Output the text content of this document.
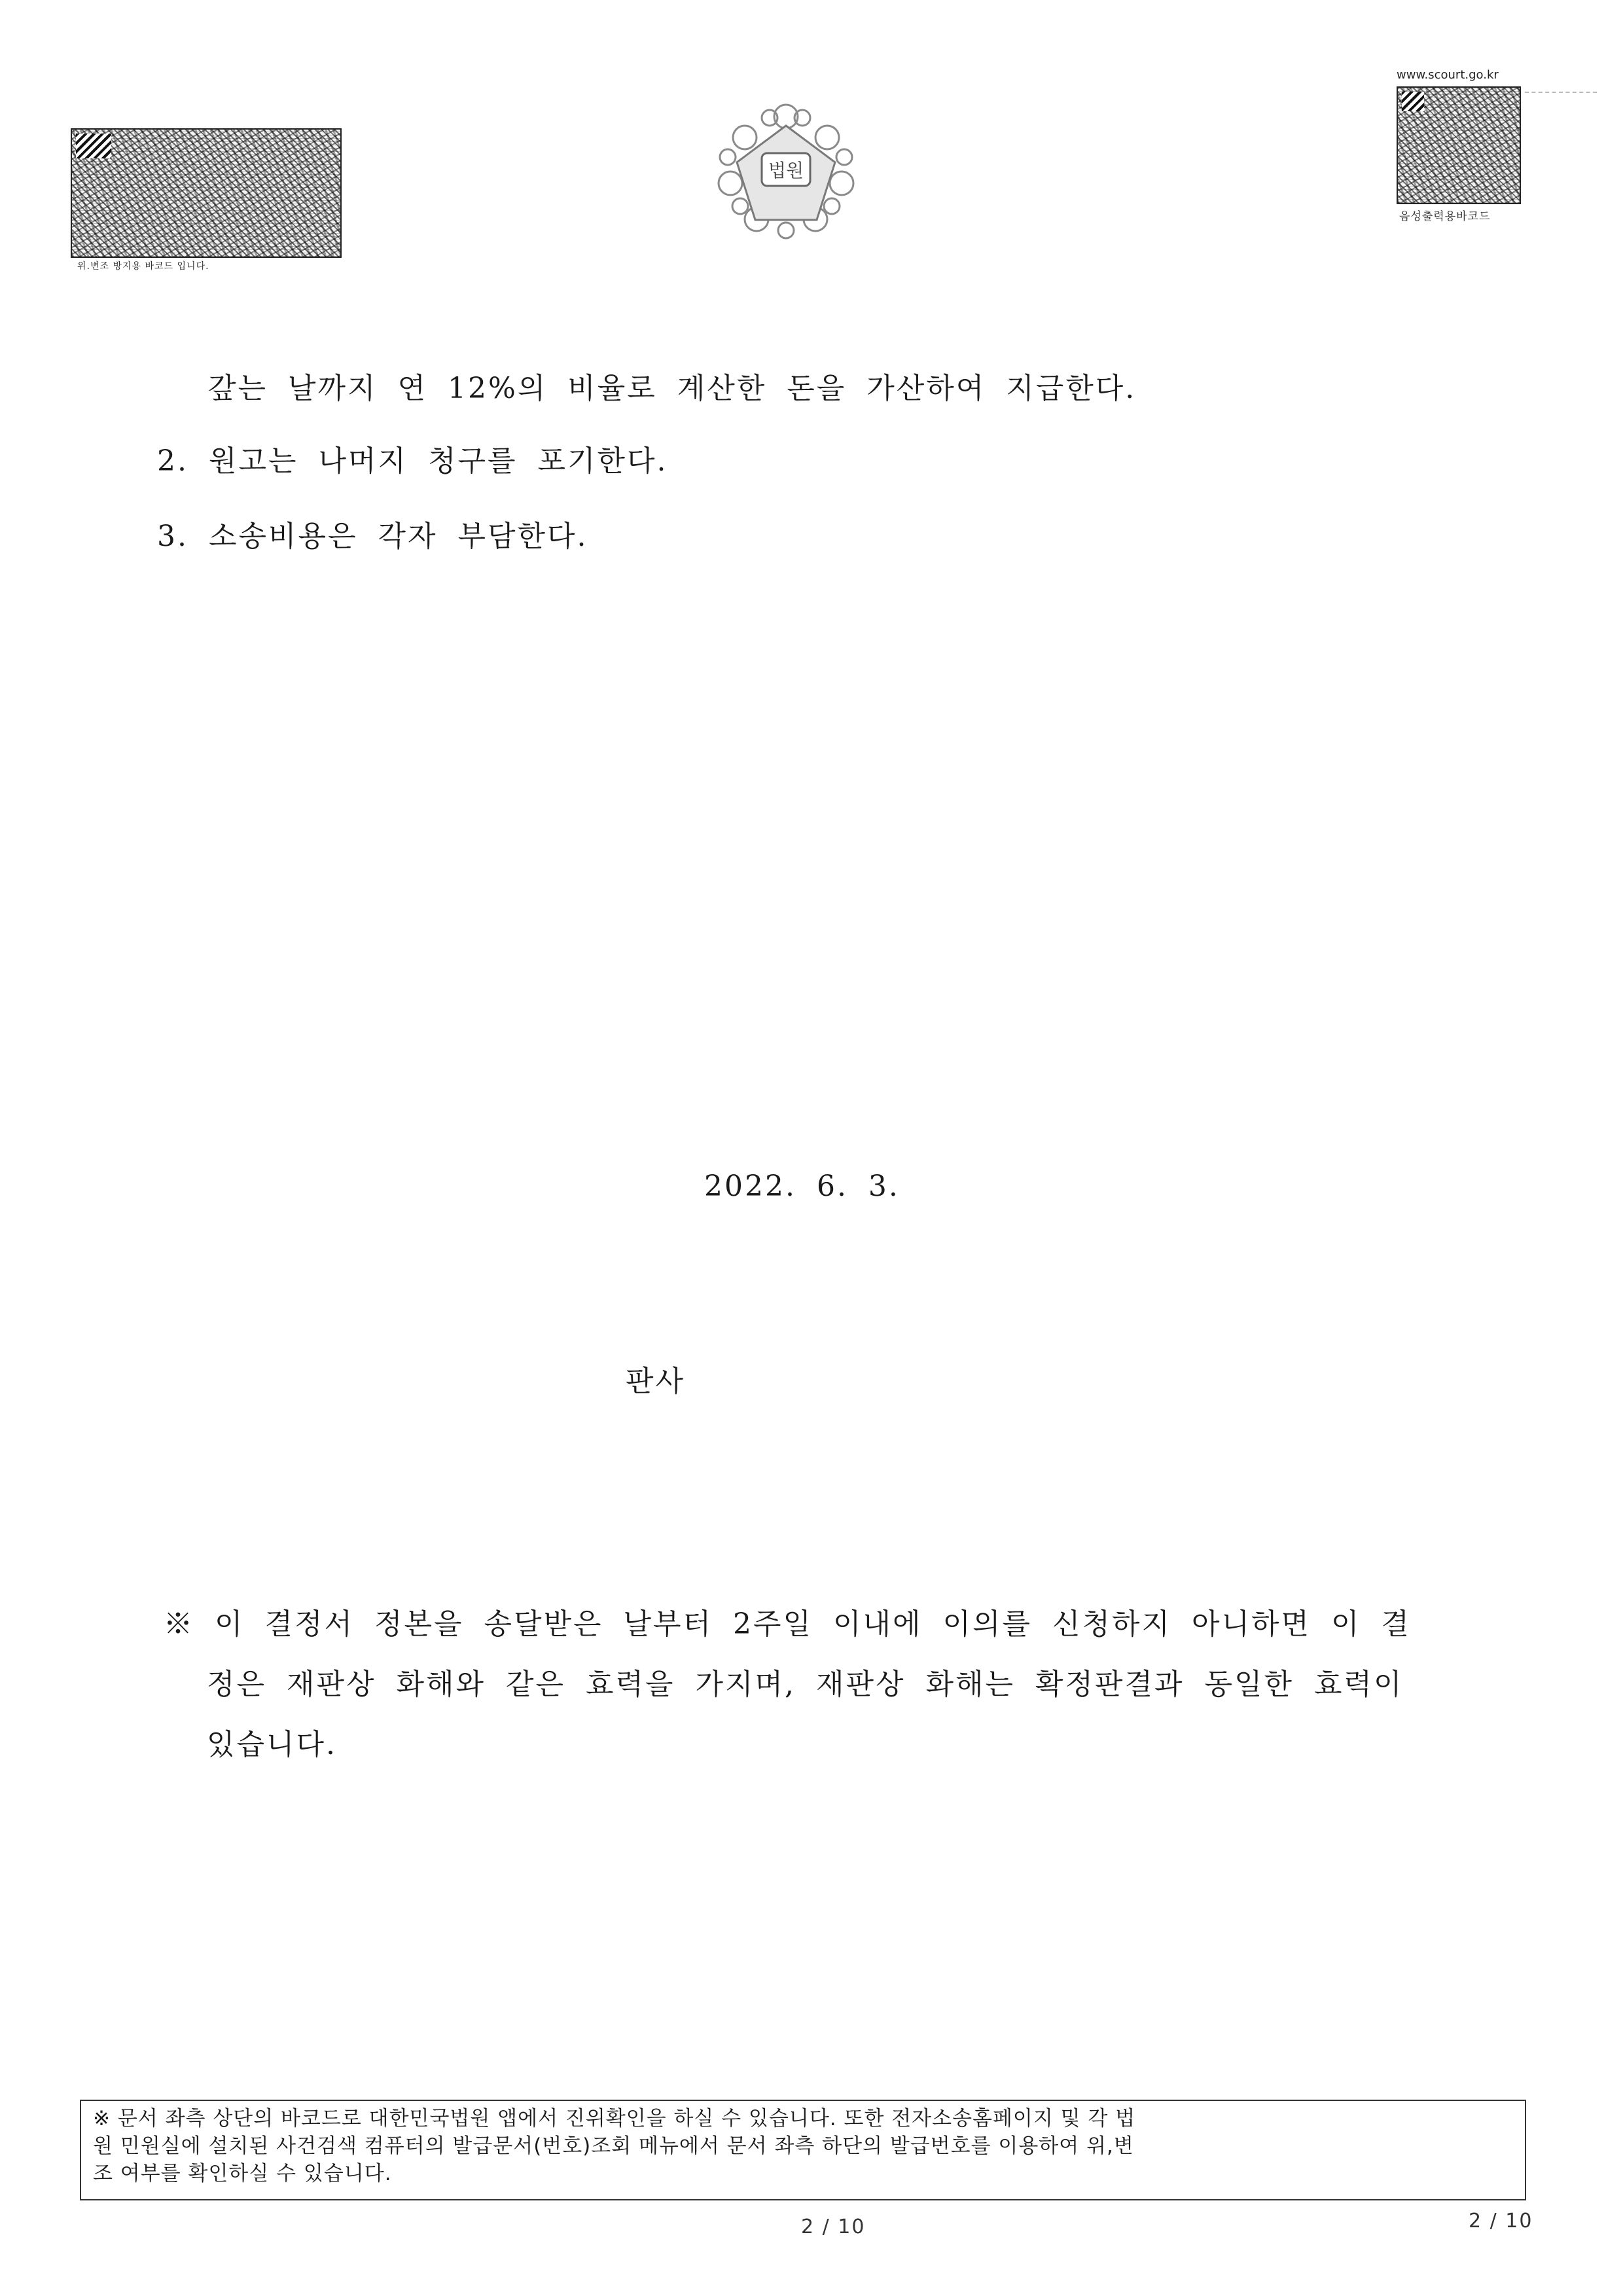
위.변조 방지용 바코드 입니다.
법원
www.scourt.go.kr
음성출력용바코드
갚는 날까지 연 12%의 비율로 계산한 돈을 가산하여 지급한다.
2. 원고는 나머지 청구를 포기한다.
3. 소송비용은 각자 부담한다.
2022. 6. 3.
판사

※ 이 결정서 정본을 송달받은 날부터 2주일 이내에 이의를 신청하지 아니하면 이 결

정은 재판상 화해와 같은 효력을 가지며, 재판상 화해는 확정판결과 동일한 효력이

있습니다.

※ 문서 좌측 상단의 바코드로 대한민국법원 앱에서 진위확인을 하실 수 있습니다. 또한 전자소송홈페이지 및 각 법

원 민원실에 설치된 사건검색 컴퓨터의 발급문서(번호)조회 메뉴에서 문서 좌측 하단의 발급번호를 이용하여 위,변

조 여부를 확인하실 수 있습니다.

2 / 10	2 / 10
